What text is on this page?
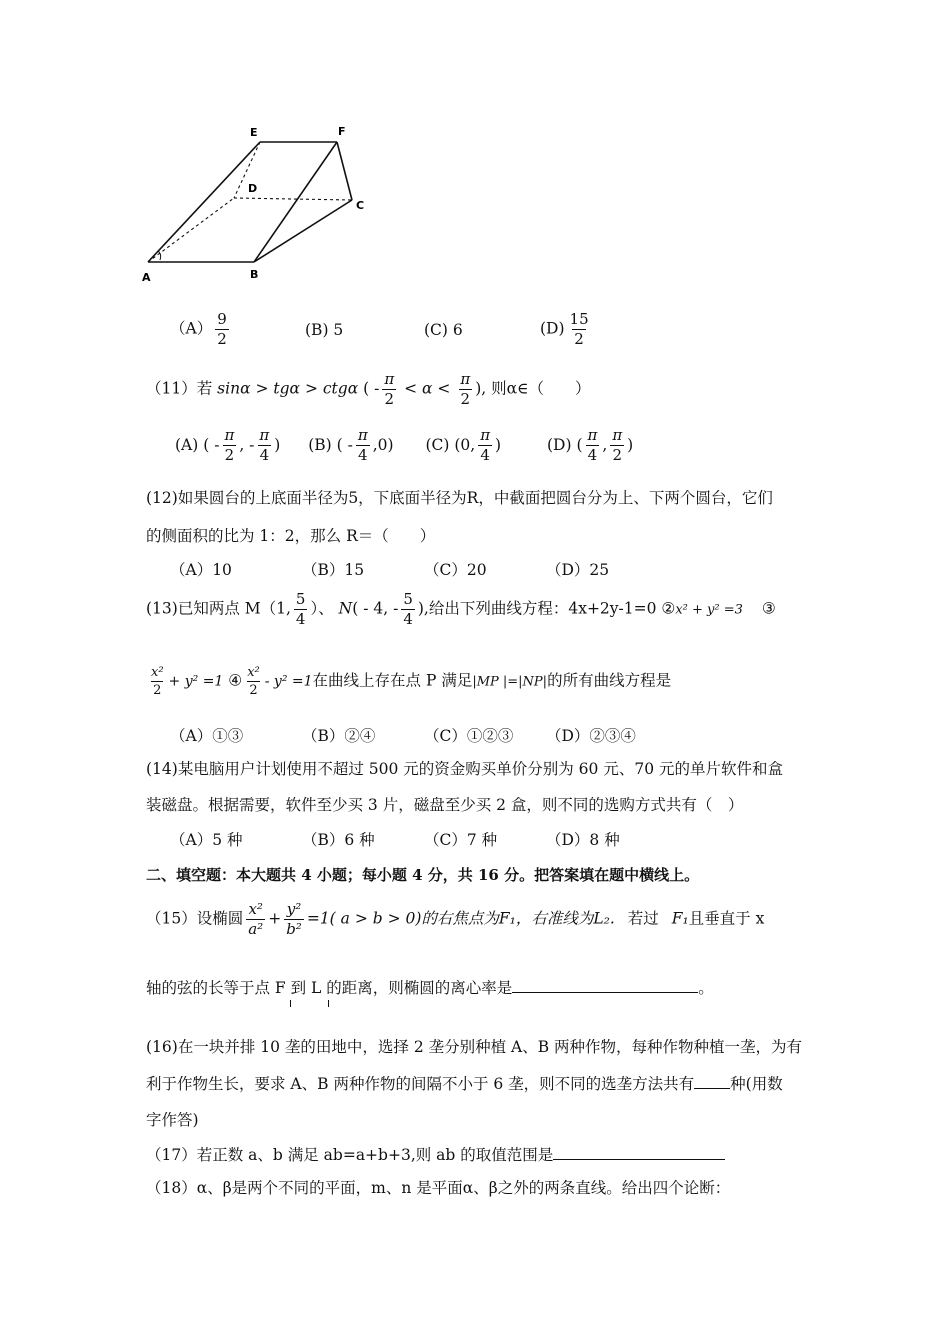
E	F
D
C
A	B
$(A) \frac{9}{2}$	(B) 5	(C) 6	$(D) \frac{15}{2}$
（11）若 sinα > tgα > ctgα ( - $\frac{\pi}{2} < \alpha < \frac{\pi}{2}$ ), 则α∈（　　）
(A) ( - $\frac{\pi}{2}$ , - $\frac{\pi}{4}$ ) (B) ( - $\frac{\pi}{4} ,0$) (C) (0, $\frac{\pi}{4}$ )	(D) ( $\frac{\pi}{4}$ , $\frac{\pi}{2}$ )
(12)如果圆台的上底面半径为5，下底面半径为R，中截面把圆台分为上、下两个圆台，它们
的侧面积的比为 1：2，那么 R＝（　　）
（A）10	（B）15	（C）20	（D）25
(13)已知两点 M（1, $\frac{5}{4}$ ）、 N( - 4, - $\frac{5}{4}$ ),给出下列曲线方程：4x+2y-1=0 ②x² + y² =3 ③
$\frac{\text{x²}}{2} + y^2 =1$ ④ $\frac{\text{x²}}{2} - y^2 =1$在曲线上存在点 P 满足|MP |=|NP|的所有曲线方程是
（A）①③	（B）②④	（C）①②③ （D）②③④
(14)某电脑用户计划使用不超过 500 元的资金购买单价分别为 60 元、70 元的单片软件和盒
装磁盘。根据需要，软件至少买 3 片，磁盘至少买 2 盒，则不同的选购方式共有（　）
（A）5 种	（B）6 种	（C）7 种	（D）8 种
二、填空题：本大题共 4 小题；每小题 4 分，共 16 分。把答案填在题中横线上。
（15）设椭圆 $\frac{\text{x²}}{\text{a²}} + \frac{\text{y²}}{\text{b²}} =1$( a > b > 0)的右焦点为F₁，右准线为L₂. 若过 F₁且垂直于 x
轴的弦的长等于点 F 到 L 的距离，则椭圆的离心率是	。
(16)在一块并排 10 垄的田地中，选择 2 垄分别种植 A、B 两种作物，每种作物种植一垄，为有
利于作物生长，要求 A、B 两种作物的间隔不小于 6 垄，则不同的选垄方法共有 种(用数
字作答)
（17）若正数 a、b 满足 ab=a+b+3,则 ab 的取值范围是
（18）α、β是两个不同的平面，m、n 是平面α、β之外的两条直线。给出四个论断：
